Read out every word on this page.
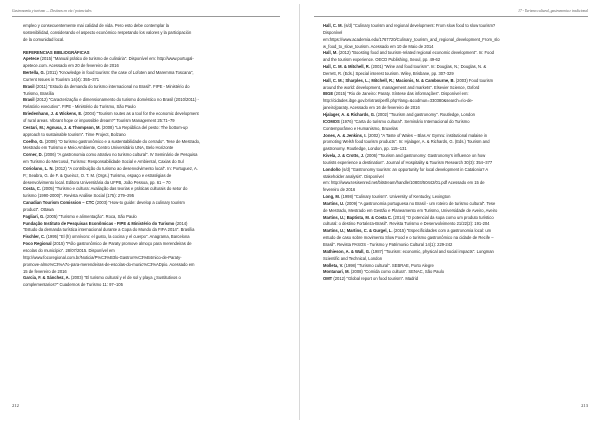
Gastronomía y turismo — Destinos en vía / potenciales

empleo y consecuentemente mai calidad de vida. Pero esto debe contemplar la

sostenibilidad, considerando el aspecto económico respetando los valores y la participación

de la comunidad local.

REFERENCIAS BIBLIOGRÁFICAS

Apetece (2015) "Manual prático de turismo de culinária". Disponível em: http://www.portugal-

apetece.com. Acessado em 20 de fevereiro de 2016

Bertella, G. (2011) "Knowledge in food tourism: the case of Lofoten and Maremma Toscana",

Current Issues in Tourism 14(4): 355–371

Brasil (2011) "Estudo da demanda do turismo internacional no Brasil". FIPE - Ministério do

Turismo, Brasília

Brasil (2012) "Caracterização e dimensionamento do turismo doméstico no Brasil (2010/2011) -

Relatório executivo". FIPE - Ministério do Turismo, São Paulo

Briedenhann, J. & Wickens, E. (2004) "Tourism routes as a tool for the economic development

of rural areas. Vibrant hope or impossible dream?" Tourism Management 25:71–79

Cestari, M.; Agnusa, J. & Thompson, M. (2008) "La República del pesto: The bottom-up

approach to sustainable tourism". Time Project, Bolzano

Coelho, G. (2009) "O turismo gastronômico e a sustentabilidade do cerrado". Tese de Mestrado,

Mestrado em Turismo e Meio Ambiente, Centro Universitário UNA, Belo Horizonte

Corner, D. (2006) "A gastronomia como atrativo no turismo cultural". IV Seminário de Pesquisa

em Turismo do Mercosul, Turismo: Responsabilidade Social e Ambiental, Caxias do Sul

Coriolano, L. N. (2012) "A contribuição do turismo ao desenvolvimento local". In: Portuguez, A.

P.; Seabra, G. de F. & Queiroz, O. T. M. (Orgs.) Turismo, espaço e estratégias de

desenvolvimento local. Editora Universitária da UFPB, João Pessoa, pp. 61 – 70

Costa, C. (2005) "Turismo e cultura: Avaliação das teorias e práticas culturais do setor do

turismo (1990-2000)". Revista Análise Social (175): 279–295

Canadian Tourism Comission – CTC (2003) "How-to guide: develop a culinary tourism

product". Ottawa

Fagliari, G. (2005) "Turismo e alimentação". Roca, São Paulo

Fundação Instituto de Pesquisas Econômicas - FIPE & Ministério do Turismo (2014)

"Estudo da demanda turística internacional durante a Copa do Mundo da FIFA 2014". Brasília

Fischler, C. (1995) "El (h) omnívoro: el gusto, la cocina y el cuerpo". Anagrama, Barcelona

Foco Regional (2015) "Pólo gastronômico de Paraty promove almoço para merendeiras de

escolas do município". 28/07/2015. Disponível em

http://www.focoregional.com.br/Noticia/P%C3%B3lo-Gastron%C3%B4mico-de-Paraty-

promove-almo%C3%A7o-para-merendeiras-de-escolas-do-munic%C3%ADpio. Acessado em

15 de fevereiro de 2016

Garcia, F. & Sánchez, A. (2003) "El turismo cultural y el de sol y playa ¿Sustitutivos o

complementarios?" Cuadernos de Turismo 11: 97–105

212
17 - Turismo cultural, gastronomia e tradicional

Hall, C. M. (s/d) "Culinary tourism and regional development: From slow food to slow tourism?

Disponível

em:https://www.academia.edu/1767720/Culinary_tourism_and_regional_development_From_slo

w_food_to_slow_tourism. Acessado em 10 de Maio de 2014

Hall, M. (2012) "Boosting food and tourism-related regional economic development". In: Food

and the tourism experience. OECD Publishing, Seoul, pp. 49-62

Hall, C. M. & Mitchell, R. (2001) "Wine and food tourism". In: Douglas, N.; Douglas, N. &

Derrett, R. (Eds.) Special interest tourism. Wiley, Brisbane, pp. 307-329

Hall, C. M.; Sharples, L.; Mitchell, R.; Macionis, N. & Cambourne, B. (2003) Food tourism

around the world: development, management and markets". Elsevier Science, Oxford

IBGE (2015) "Rio de Janeiro: Paraty. Síntese das informações". Disponível em:

http://cidades.ibge.gov.br/xtras/perfil.php?lang=&codmun=330380&search=rio-de-

janeiro|paraty. Acessado em 16 de fevereiro de 2016

Hjalager, A. & Richards, G. (2002) "Tourism and gastronomy". Routledge, London

ICOMOS (1976) "Carta do turismo cultural". Seminário Internacional do Turismo

Contemporâneo e Humanismo, Bruxelas

Jones, A. & Jenkins, I. (2002) "A Taste of Wales – Blas Ar Gymru: institutional malaise in

promoting Welsh food tourism products". In: Hjalager, A. & Richards, G. (Eds.) Tourism and

gastronomy. Routledge, London, pp. 115–131

Kivela, J. & Crotts, J. (2006) "Tourism and gastronomy: Gastronomy's influence on how

tourists experience a destination". Journal of Hospitality & Tourism Research 30(3): 354–377

Londoño (s/d) "Gastronomy tourism: an opportunity for local development in Catalonia? A

stakeholder analysis". Disponível

em: http://www.tesisenred.net/bitstream/handle/10803/50442/01.pdf Acessado em 15 de

fevereiro de 2016

Long, M. (1998) "Culinary tourism". University of Kentucky, Lexington

Martins, U. (2009) "A gastronomia portuguesa no Brasil - um roteiro de turismo cultural". Tese

de Mestrado, Mestrado em Gestão e Planeamento em Turismo, Universidade de Aveiro, Aveiro

Martins, U.; Baptista, M. & Costa C. (2014) "O potencial da sopa como um produto turístico

cultural: o destino Fortaleza-Brasil". Revista Turismo e Desenvolvimento 21/22(2): 191-204

Martins, U.; Martins, C. & Gurgel, L. (2015) "Especificidades com a gastronomia local: um

estudo de caso sobre movimento Slow Food e o turismo gastronômico na cidade de Recife –

Brasil". Revista PASOS - Turismo y Patrimonio Cultural 14(1): 229-242

Mathieson, A. & Wall, G. (1987) "Tourism: economic, physical and social impacts". Longman

Scientific and Technical, London

Molleta, V. (1998) "Turismo cultural". SEBRAE, Porto Alegre

Montanari, M. (2008) "Comida como cultura". SENAC, São Paulo

OMT (2012) "Global report on food tourism". Madrid

213
